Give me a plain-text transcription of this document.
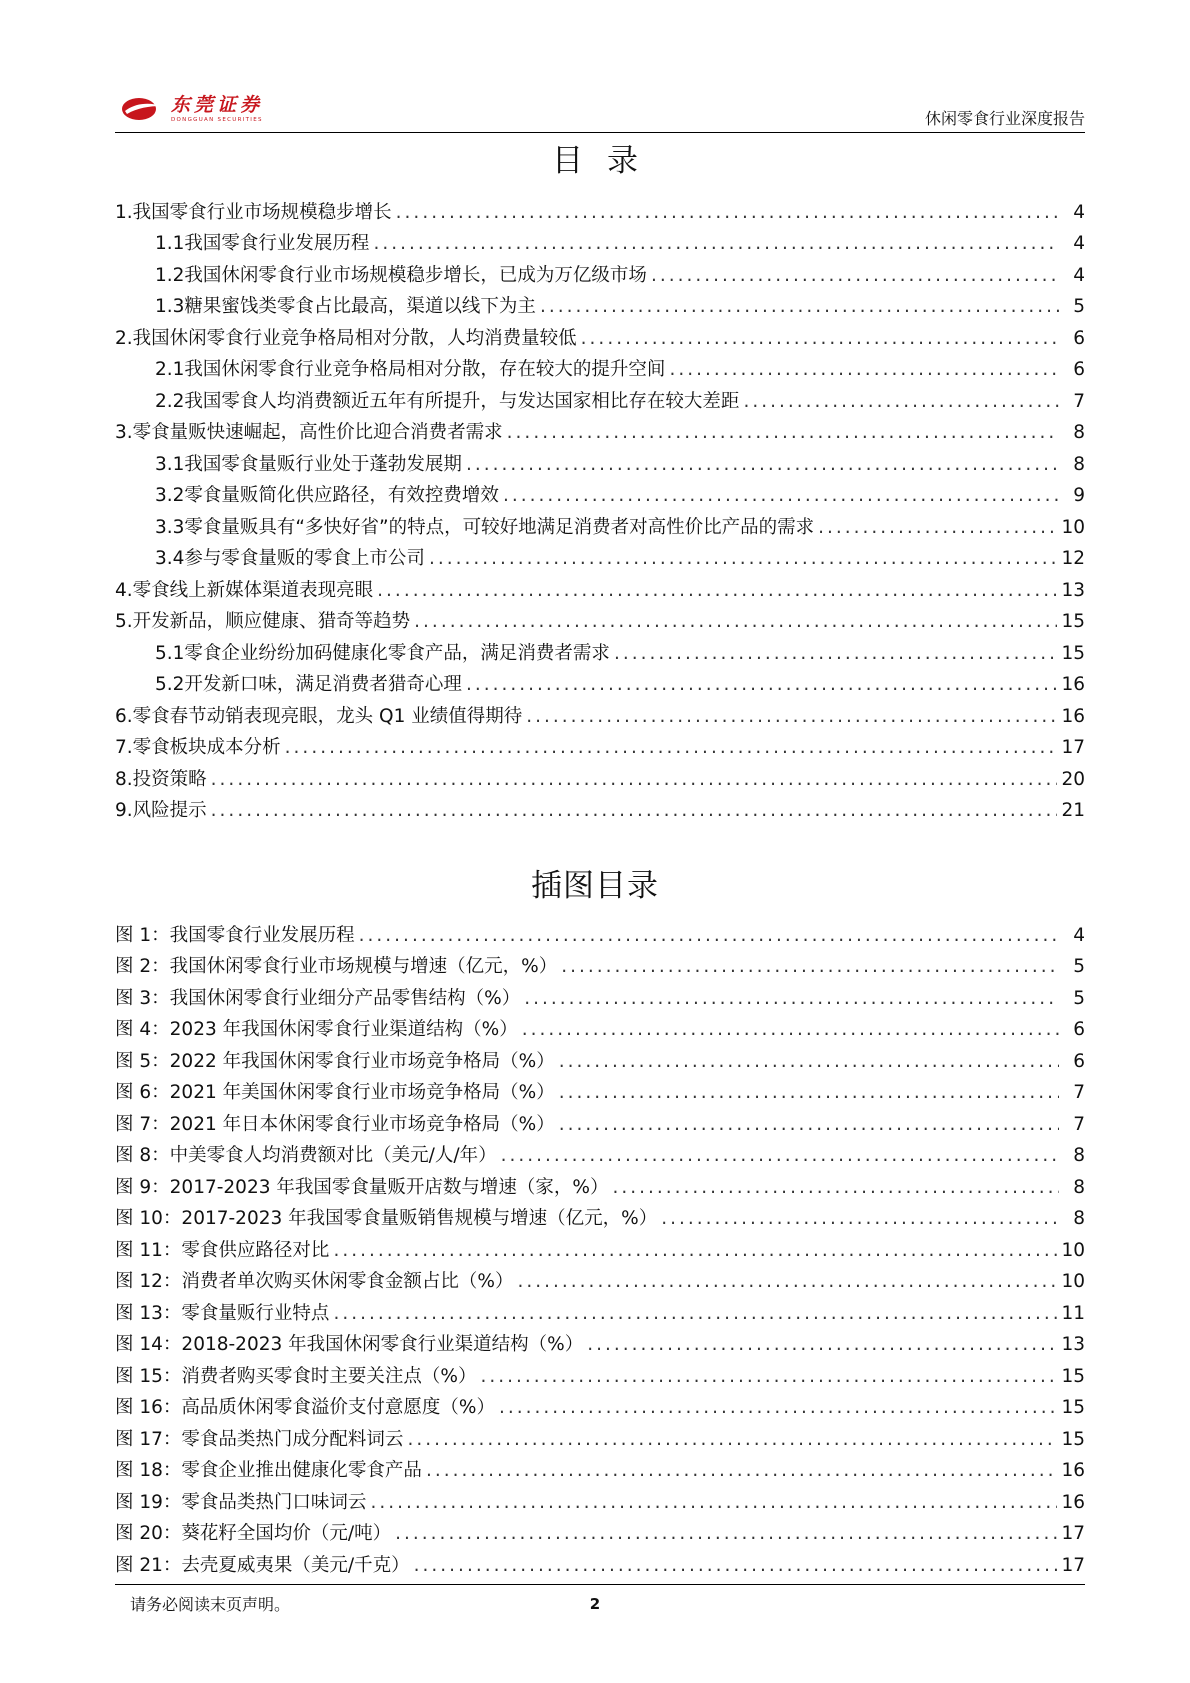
东莞证券
DONGGUAN SECURITIES	休闲零食行业深度报告
目录
1. 我国零食行业市场规模稳步增长 .....	4
1.1 我国零食行业发展历程 .....	4
1.2 我国休闲零食行业市场规模稳步增长，已成为万亿级市场 .....	4
1.3 糖果蜜饯类零食占比最高，渠道以线下为主 .....	5
2. 我国休闲零食行业竞争格局相对分散，人均消费量较低 .....	6
2.1 我国休闲零食行业竞争格局相对分散，存在较大的提升空间 .....	6
2.2 我国零食人均消费额近五年有所提升，与发达国家相比存在较大差距 .....	7
3. 零食量贩快速崛起，高性价比迎合消费者需求 .....	8
3.1 我国零食量贩行业处于蓬勃发展期 .....	8
3.2 零食量贩简化供应路径，有效控费增效 .....	9
3.3 零食量贩具有“多快好省”的特点，可较好地满足消费者对高性价比产品的需求 .....	10
3.4 参与零食量贩的零食上市公司 .....	12
4. 零食线上新媒体渠道表现亮眼 .....	13
5. 开发新品，顺应健康、猎奇等趋势 .....	15
5.1 零食企业纷纷加码健康化零食产品，满足消费者需求 .....	15
5.2 开发新口味，满足消费者猎奇心理 .....	16
6. 零食春节动销表现亮眼，龙头 Q1 业绩值得期待 .....	16
7. 零食板块成本分析 .....	17
8. 投资策略 .....	20
9. 风险提示 .....	21
插图目录
图 1：我国零食行业发展历程 .....	4
图 2：我国休闲零食行业市场规模与增速（亿元，%） .....	5
图 3：我国休闲零食行业细分产品零售结构（%） .....	5
图 4：2023 年我国休闲零食行业渠道结构（%） .....	6
图 5：2022 年我国休闲零食行业市场竞争格局（%） .....	6
图 6：2021 年美国休闲零食行业市场竞争格局（%） .....	7
图 7：2021 年日本休闲零食行业市场竞争格局（%） .....	7
图 8：中美零食人均消费额对比（美元/人/年） .....	8
图 9：2017-2023 年我国零食量贩开店数与增速（家，%） .....	8
图 10：2017-2023 年我国零食量贩销售规模与增速（亿元，%） .....	8
图 11：零食供应路径对比 .....	10
图 12：消费者单次购买休闲零食金额占比（%） .....	10
图 13：零食量贩行业特点 .....	11
图 14：2018-2023 年我国休闲零食行业渠道结构（%） .....	13
图 15：消费者购买零食时主要关注点（%） .....	15
图 16：高品质休闲零食溢价支付意愿度（%） .....	15
图 17：零食品类热门成分配料词云 .....	15
图 18：零食企业推出健康化零食产品 .....	16
图 19：零食品类热门口味词云 .....	16
图 20：葵花籽全国均价（元/吨） .....	17
图 21：去壳夏威夷果（美元/千克） .....	17
请务必阅读末页声明。	2
